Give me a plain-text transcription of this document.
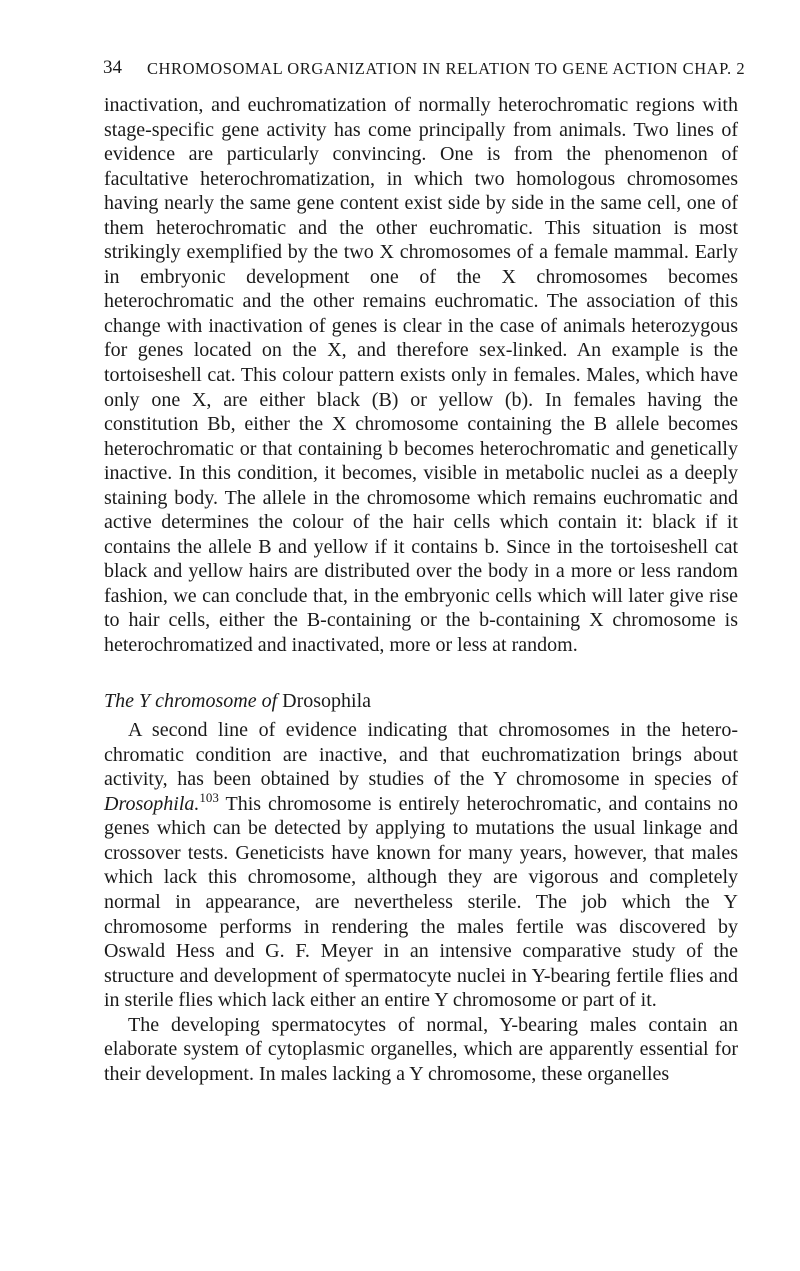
34 CHROMOSOMAL ORGANIZATION IN RELATION TO GENE ACTION CHAP. 2

inactivation, and euchromatization of normally heterochromatic regions with stage-specific gene activity has come principally from animals. Two lines of evidence are particularly convincing. One is from the phenomenon of facultative heterochromatization, in which two homologous chromosomes having nearly the same gene content exist side by side in the same cell, one of them heterochromatic and the other euchromatic. This situation is most strikingly exemplified by the two X chromosomes of a female mammal. Early in embryonic development one of the X chromosomes becomes heterochromatic and the other remains euchromatic. The association of this change with inactivation of genes is clear in the case of animals heterozygous for genes located on the X, and therefore sex-linked. An example is the tortoiseshell cat. This colour pattern exists only in females. Males, which have only one X, are either black (B) or yellow (b). In females having the constitution Bb, either the X chromosome containing the B allele becomes heterochromatic or that containing b becomes heterochromatic and genetically inactive. In this condition, it becomes, visible in metabolic nuclei as a deeply staining body. The allele in the chromosome which remains euchromatic and active determines the colour of the hair cells which contain it: black if it contains the allele B and yellow if it contains b. Since in the tortoiseshell cat black and yellow hairs are distributed over the body in a more or less random fashion, we can conclude that, in the embryonic cells which will later give rise to hair cells, either the B-containing or the b-containing X chromosome is heterochromatized and inactivated, more or less at random.

The Y chromosome of Drosophila

A second line of evidence indicating that chromosomes in the heterochromatic condition are inactive, and that euchromatization brings about activity, has been obtained by studies of the Y chromosome in species of Drosophila.$^{103}$ This chromosome is entirely heterochromatic, and contains no genes which can be detected by applying to mutations the usual linkage and crossover tests. Geneticists have known for many years, however, that males which lack this chromosome, although they are vigorous and completely normal in appearance, are nevertheless sterile. The job which the Y chromosome performs in rendering the males fertile was discovered by Oswald Hess and G. F. Meyer in an intensive comparative study of the structure and development of spermatocyte nuclei in Y-bearing fertile flies and in sterile flies which lack either an entire Y chromosome or part of it.

The developing spermatocytes of normal, Y-bearing males contain an elaborate system of cytoplasmic organelles, which are apparently essential for their development. In males lacking a Y chromosome, these organelles
